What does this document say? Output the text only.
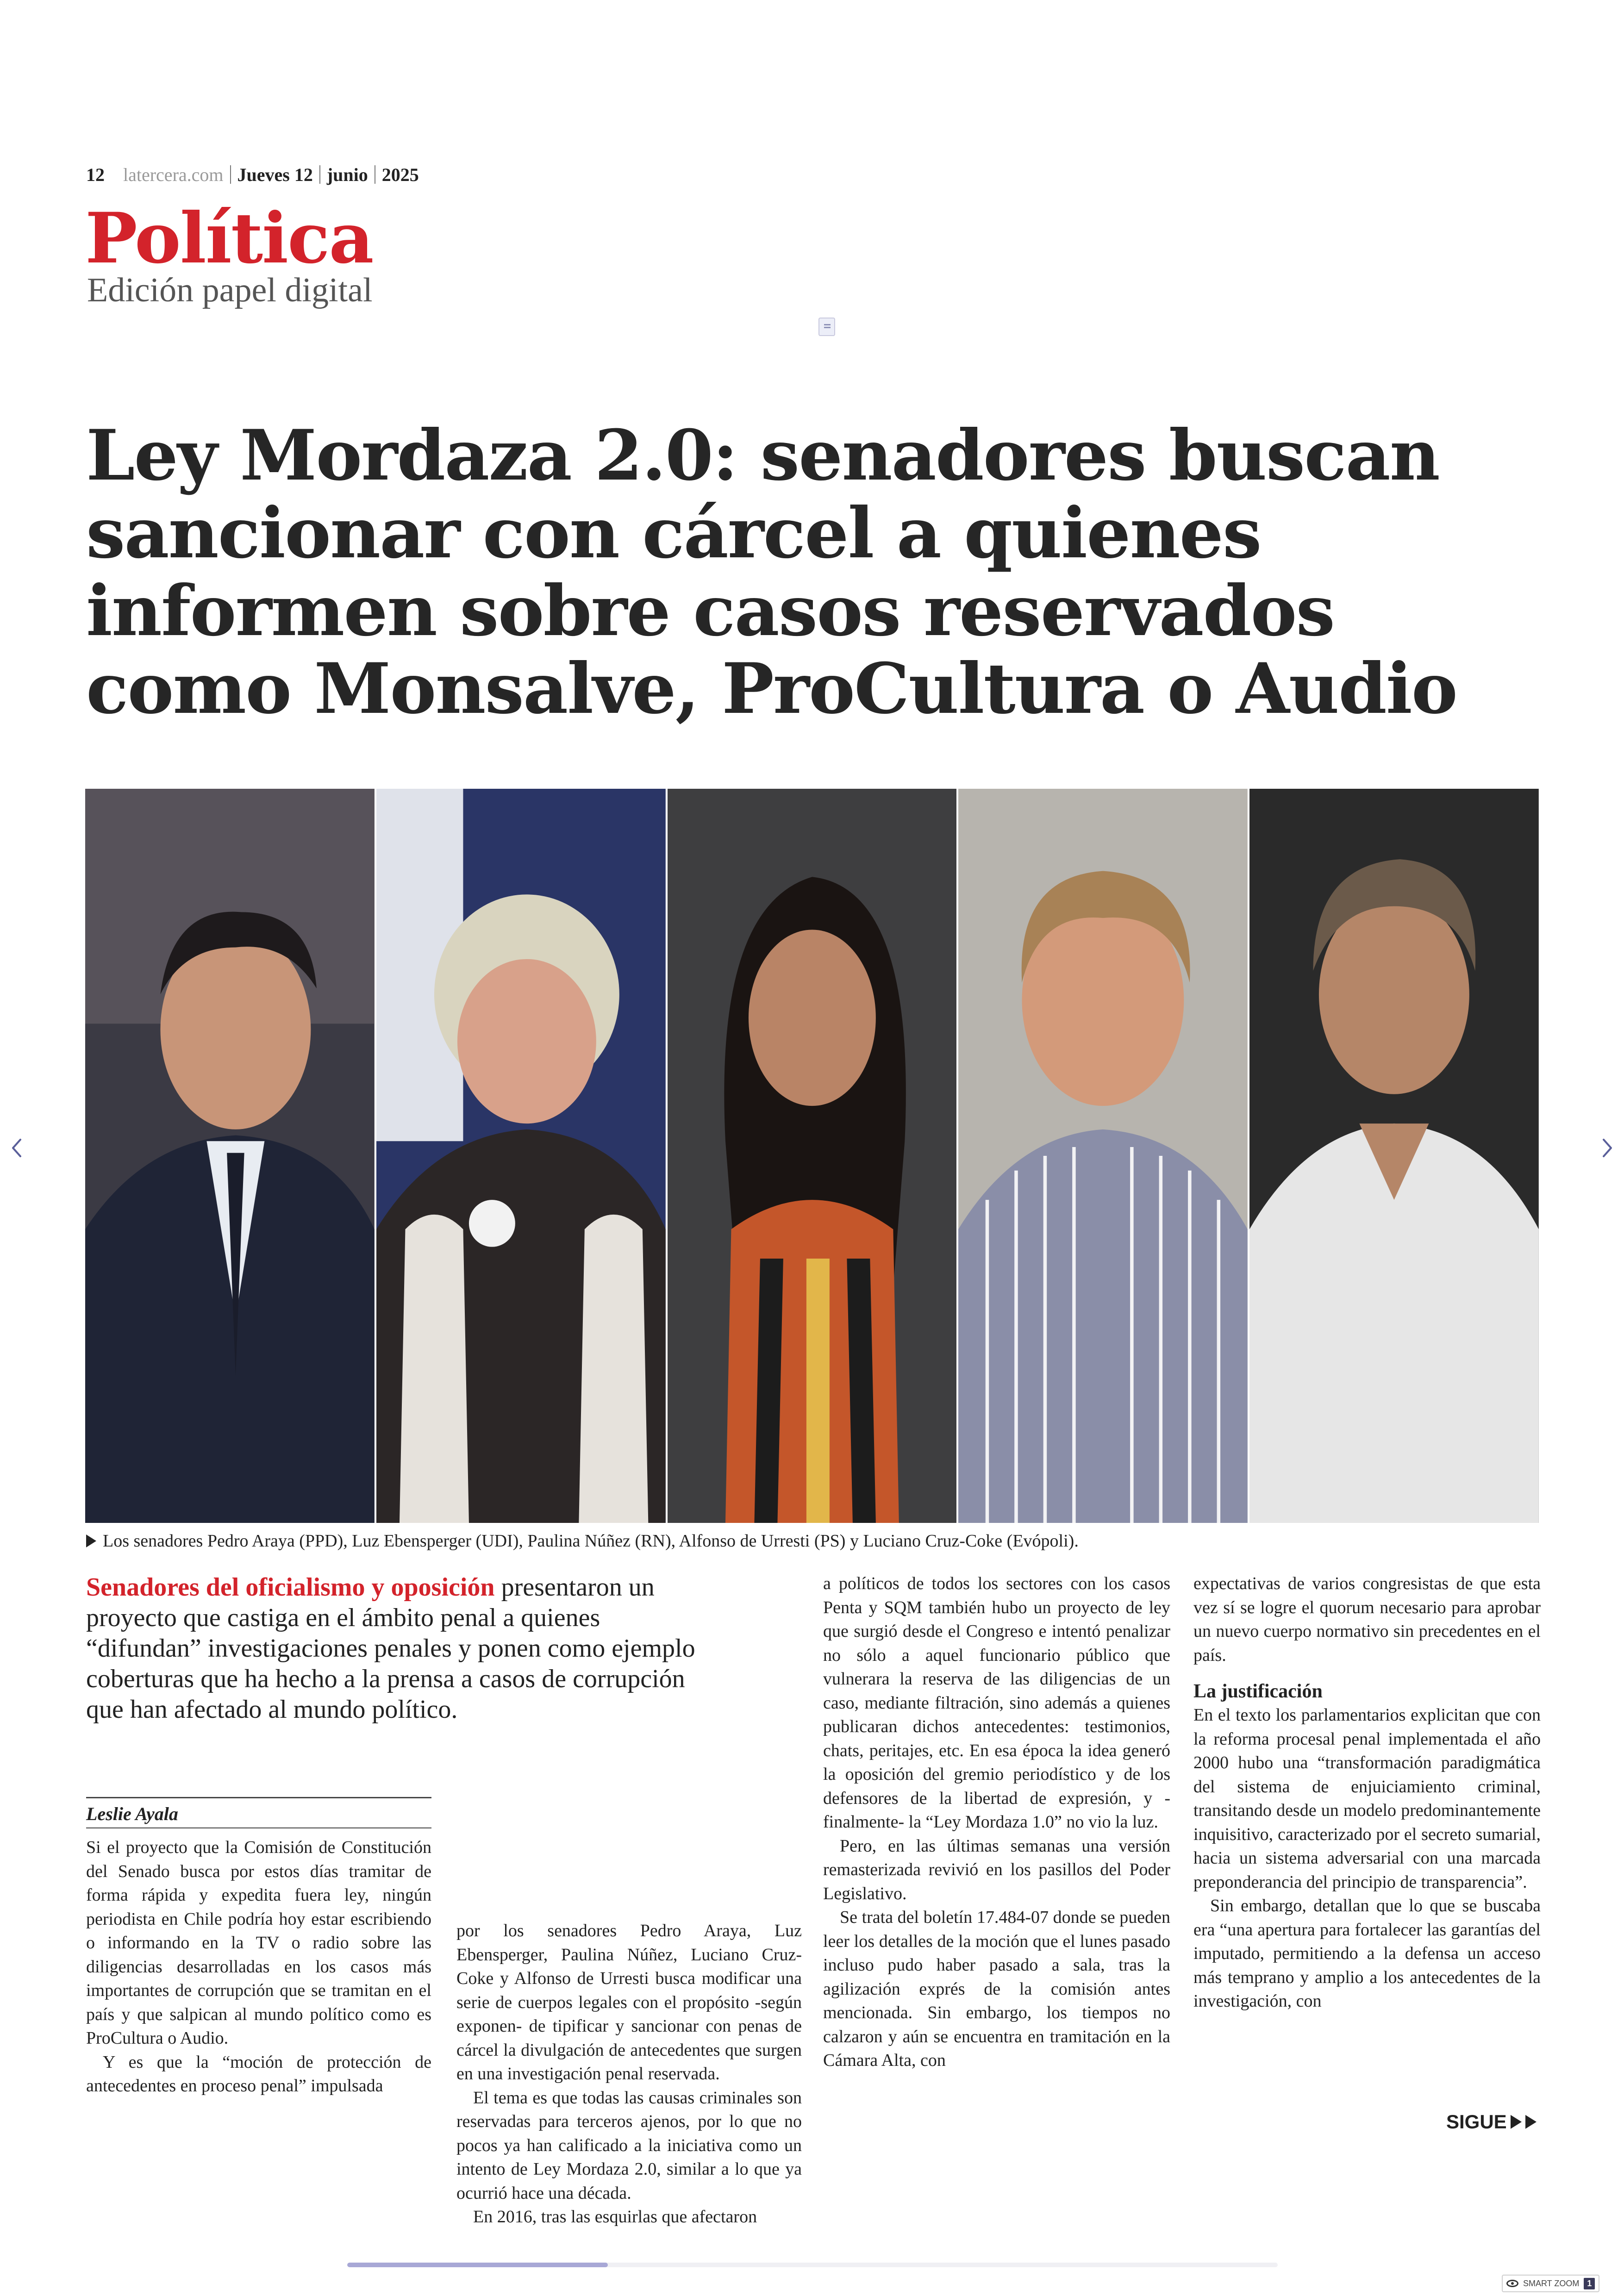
12 latercera.com Jueves 12 junio 2025
Política
Edición papel digital
Ley Mordaza 2.0: senadores buscan sancionar con cárcel a quienes informen sobre casos reservados como Monsalve, ProCultura o Audio
Los senadores Pedro Araya (PPD), Luz Ebensperger (UDI), Paulina Núñez (RN), Alfonso de Urresti (PS) y Luciano Cruz-Coke (Evópoli).
Senadores del oficialismo y oposición presentaron un proyecto que castiga en el ámbito penal a quienes “difundan” investigaciones penales y ponen como ejemplo coberturas que ha hecho a la prensa a casos de corrupción que han afectado al mundo político.
Leslie Ayala

Si el proyecto que la Comisión de Constitución del Senado busca por estos días tramitar de forma rápida y expedita fuera ley, ningún periodista en Chile podría hoy estar escribiendo o informando en la TV o radio sobre las diligencias desarrolladas en los casos más importantes de corrupción que se tramitan en el país y que salpican al mundo político como es ProCultura o Audio.

Y es que la “moción de protección de antecedentes en proceso penal” impulsada

por los senadores Pedro Araya, Luz Ebensperger, Paulina Núñez, Luciano Cruz-Coke y Alfonso de Urresti busca modificar una serie de cuerpos legales con el propósito -según exponen- de tipificar y sancionar con penas de cárcel la divulgación de antecedentes que surgen en una investigación penal reservada.

El tema es que todas las causas criminales son reservadas para terceros ajenos, por lo que no pocos ya han calificado a la iniciativa como un intento de Ley Mordaza 2.0, similar a lo que ya ocurrió hace una década.

En 2016, tras las esquirlas que afectaron

a políticos de todos los sectores con los casos Penta y SQM también hubo un proyecto de ley que surgió desde el Congreso e intentó penalizar no sólo a aquel funcionario público que vulnerara la reserva de las diligencias de un caso, mediante filtración, sino además a quienes publicaran dichos antecedentes: testimonios, chats, peritajes, etc. En esa época la idea generó la oposición del gremio periodístico y de los defensores de la libertad de expresión, y -finalmente- la “Ley Mordaza 1.0” no vio la luz.

Pero, en las últimas semanas una versión remasterizada revivió en los pasillos del Poder Legislativo.

Se trata del boletín 17.484-07 donde se pueden leer los detalles de la moción que el lunes pasado incluso pudo haber pasado a sala, tras la agilización exprés de la comisión antes mencionada. Sin embargo, los tiempos no calzaron y aún se encuentra en tramitación en la Cámara Alta, con

expectativas de varios congresistas de que esta vez sí se logre el quorum necesario para aprobar un nuevo cuerpo normativo sin precedentes en el país.

La justificación

En el texto los parlamentarios explicitan que con la reforma procesal penal implementada el año 2000 hubo una “transformación paradigmática del sistema de enjuiciamiento criminal, transitando desde un modelo predominantemente inquisitivo, caracterizado por el secreto sumarial, hacia un sistema adversarial con una marcada preponderancia del principio de transparencia”.

Sin embargo, detallan que lo que se buscaba era “una apertura para fortalecer las garantías del imputado, permitiendo a la defensa un acceso más temprano y amplio a los antecedentes de la investigación, con

SIGUE
SMART ZOOM 1
